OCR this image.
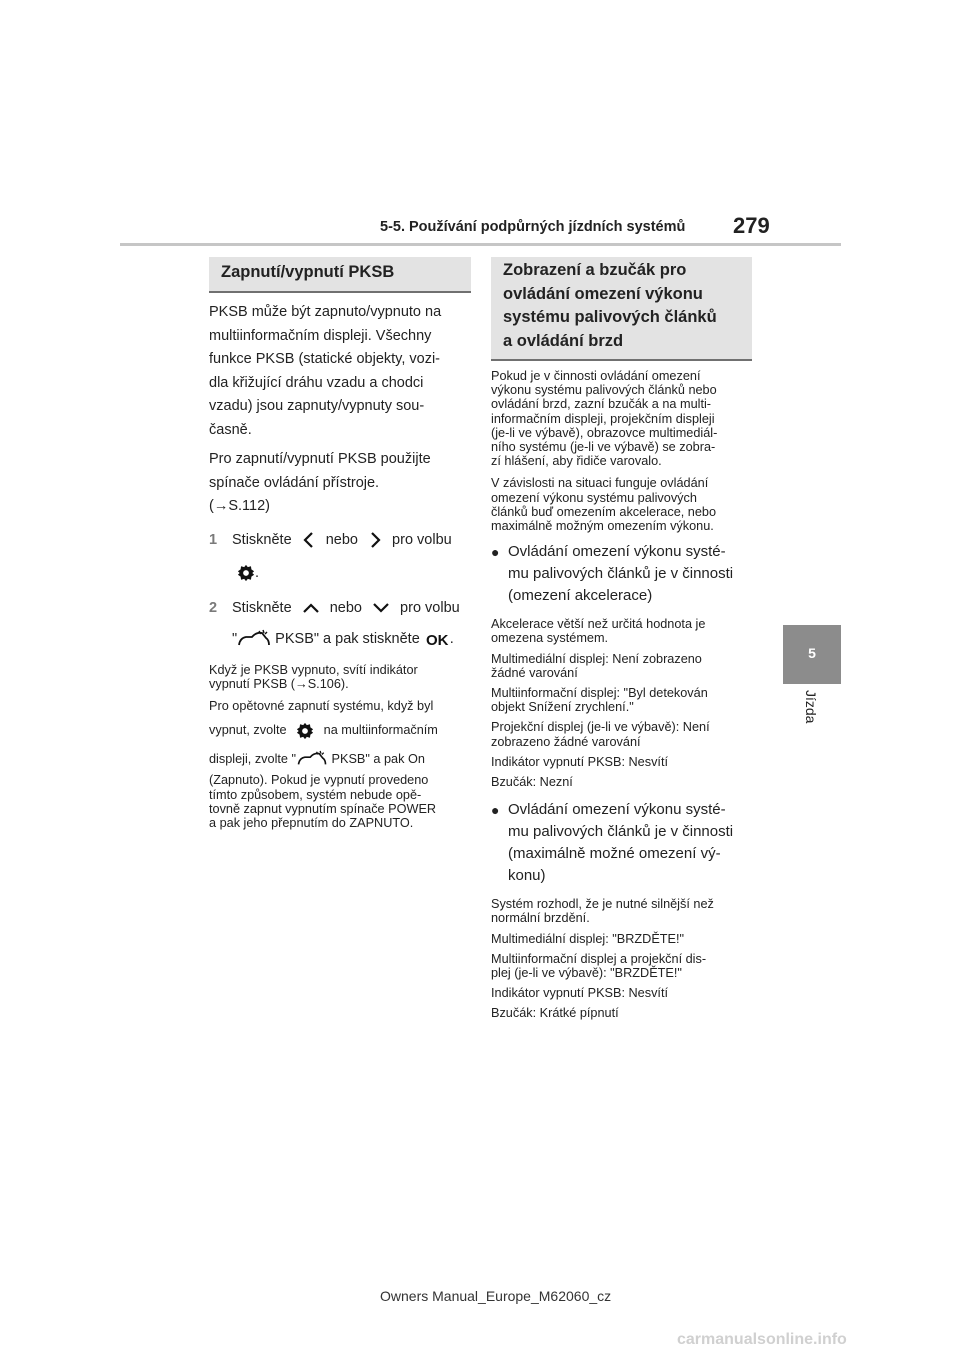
5-5. Používání podpůrných jízdních systémů 279
5
Jízda
Zapnutí/vypnutí PKSB
PKSB může být zapnuto/vypnuto na
multiinformačním displeji. Všechny
funkce PKSB (statické objekty, vozi-
dla křižující dráhu vzadu a chodci
vzadu) jsou zapnuty/vypnuty sou-
časně.
Pro zapnutí/vypnutí PKSB použijte
spínače ovládání přístroje.
(→S.112)
1	Stiskněte nebo pro volbu
.
2	Stiskněte	nebo	pro volbu
" PKSB" a pak stiskněte OK .
Když je PKSB vypnuto, svítí indikátor
vypnutí PKSB (→S.106).
Pro opětovné zapnutí systému, když byl
vypnut, zvolte	na multiinformačním
displeji, zvolte "	PKSB" a pak On
(Zapnuto). Pokud je vypnutí provedeno
tímto způsobem, systém nebude opě-
tovně zapnut vypnutím spínače POWER
a pak jeho přepnutím do ZAPNUTO.
Zobrazení a bzučák pro
ovládání omezení výkonu
systému palivových článků
a ovládání brzd
Pokud je v činnosti ovládání omezení
výkonu systému palivových článků nebo
ovládání brzd, zazní bzučák a na multi-
informačním displeji, projekčním displeji
(je-li ve výbavě), obrazovce multimediál-
ního systému (je-li ve výbavě) se zobra-
zí hlášení, aby řidiče varovalo.
V závislosti na situaci funguje ovládání
omezení výkonu systému palivových
článků buď omezením akcelerace, nebo
maximálně možným omezením výkonu.
● Ovládání omezení výkonu systé-
mu palivových článků je v činnosti
(omezení akcelerace)
Akcelerace větší než určitá hodnota je
omezena systémem.
Multimediální displej: Není zobrazeno
žádné varování
Multiinformační displej: "Byl detekován
objekt Snížení zrychlení."
Projekční displej (je-li ve výbavě): Není
zobrazeno žádné varování
Indikátor vypnutí PKSB: Nesvítí
Bzučák: Nezní
● Ovládání omezení výkonu systé-
mu palivových článků je v činnosti
(maximálně možné omezení vý-
konu)
Systém rozhodl, že je nutné silnější než
normální brzdění.
Multimediální displej: "BRZDĚTE!"
Multiinformační displej a projekční dis-
plej (je-li ve výbavě): "BRZDĚTE!"
Indikátor vypnutí PKSB: Nesvítí
Bzučák: Krátké pípnutí
Owners Manual_Europe_M62060_cz
carmanualsonline.info
